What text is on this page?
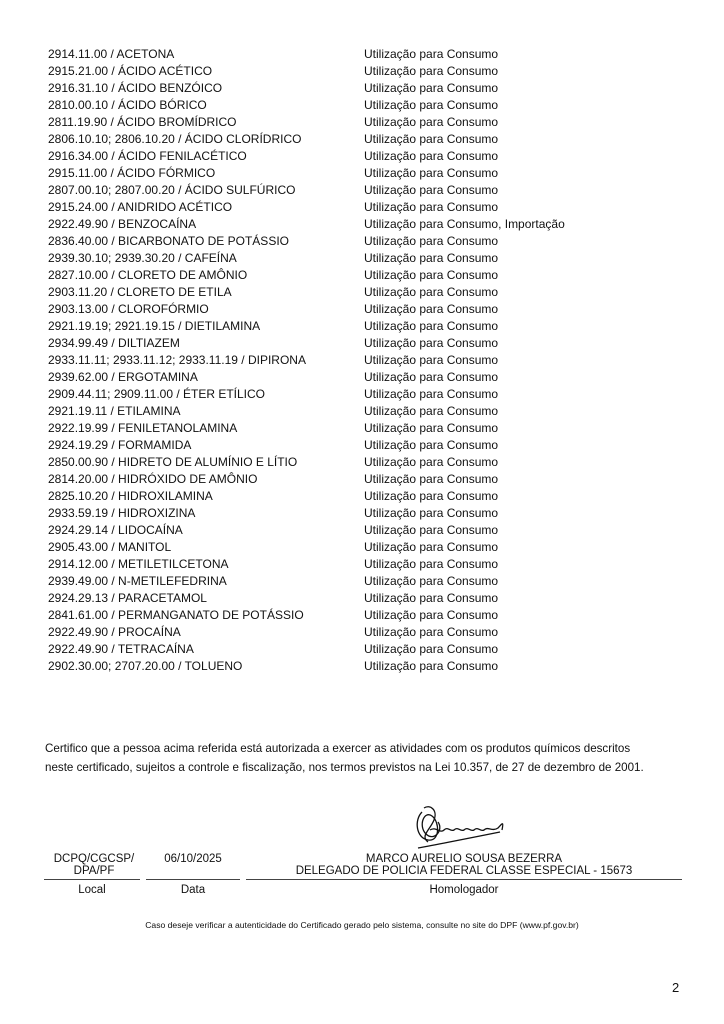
2914.11.00 / ACETONA	Utilização para Consumo
2915.21.00 / ÁCIDO ACÉTICO	Utilização para Consumo
2916.31.10 / ÁCIDO BENZÓICO	Utilização para Consumo
2810.00.10 / ÁCIDO BÓRICO	Utilização para Consumo
2811.19.90 / ÁCIDO BROMÍDRICO	Utilização para Consumo
2806.10.10; 2806.10.20 / ÁCIDO CLORÍDRICO	Utilização para Consumo
2916.34.00 / ÁCIDO FENILACÉTICO	Utilização para Consumo
2915.11.00 / ÁCIDO FÓRMICO	Utilização para Consumo
2807.00.10; 2807.00.20 / ÁCIDO SULFÚRICO	Utilização para Consumo
2915.24.00 / ANIDRIDO ACÉTICO	Utilização para Consumo
2922.49.90 / BENZOCAÍNA	Utilização para Consumo, Importação
2836.40.00 / BICARBONATO DE POTÁSSIO	Utilização para Consumo
2939.30.10; 2939.30.20 / CAFEÍNA	Utilização para Consumo
2827.10.00 / CLORETO DE AMÔNIO	Utilização para Consumo
2903.11.20 / CLORETO DE ETILA	Utilização para Consumo
2903.13.00 / CLOROFÓRMIO	Utilização para Consumo
2921.19.19; 2921.19.15 / DIETILAMINA	Utilização para Consumo
2934.99.49 / DILTIAZEM	Utilização para Consumo
2933.11.11; 2933.11.12; 2933.11.19 / DIPIRONA	Utilização para Consumo
2939.62.00 / ERGOTAMINA	Utilização para Consumo
2909.44.11; 2909.11.00 / ÉTER ETÍLICO	Utilização para Consumo
2921.19.11 / ETILAMINA	Utilização para Consumo
2922.19.99 / FENILETANOLAMINA	Utilização para Consumo
2924.19.29 / FORMAMIDA	Utilização para Consumo
2850.00.90 / HIDRETO DE ALUMÍNIO E LÍTIO	Utilização para Consumo
2814.20.00 / HIDRÓXIDO DE AMÔNIO	Utilização para Consumo
2825.10.20 / HIDROXILAMINA	Utilização para Consumo
2933.59.19 / HIDROXIZINA	Utilização para Consumo
2924.29.14 / LIDOCAÍNA	Utilização para Consumo
2905.43.00 / MANITOL	Utilização para Consumo
2914.12.00 / METILETILCETONA	Utilização para Consumo
2939.49.00 / N-METILEFEDRINA	Utilização para Consumo
2924.29.13 / PARACETAMOL	Utilização para Consumo
2841.61.00 / PERMANGANATO DE POTÁSSIO	Utilização para Consumo
2922.49.90 / PROCAÍNA	Utilização para Consumo
2922.49.90 / TETRACAÍNA	Utilização para Consumo
2902.30.00; 2707.20.00 / TOLUENO	Utilização para Consumo
Certifico que a pessoa acima referida está autorizada a exercer as atividades com os produtos químicos descritos
neste certificado, sujeitos a controle e fiscalização, nos termos previstos na Lei 10.357, de 27 de dezembro de 2001.
DCPQ/CGCSP/
DPA/PF
06/10/2025	MARCO AURELIO SOUSA BEZERRA
DELEGADO DE POLICIA FEDERAL CLASSE ESPECIAL - 15673
Local	Data	Homologador
Caso deseje verificar a autenticidade do Certificado gerado pelo sistema, consulte no site do DPF (www.pf.gov.br)
2
